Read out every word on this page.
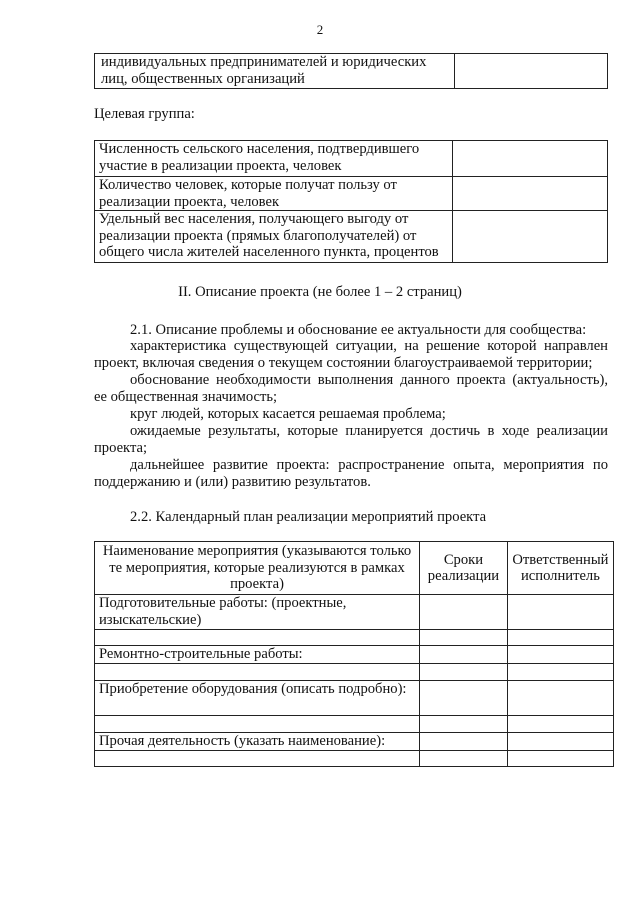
2
индивидуальных предпринимателей и юридических лиц, общественных организаций	
Целевая группа:
Численность сельского населения, подтвердившего участие в реализации проекта, человек	
Количество человек, которые получат пользу от реализации проекта, человек	
Удельный вес населения, получающего выгоду от реализации проекта (прямых благополучателей) от общего числа жителей населенного пункта, процентов	
II. Описание проекта (не более 1 – 2 страниц)
2.1. Описание проблемы и обоснование ее актуальности для сообщества:
характеристика существующей ситуации, на решение которой направлен проект, включая сведения о текущем состоянии благоустраиваемой территории;
обоснование необходимости выполнения данного проекта (актуальность), ее общественная значимость;
круг людей, которых касается решаемая проблема;
ожидаемые результаты, которые планируется достичь в ходе реализации проекта;
дальнейшее развитие проекта: распространение опыта, мероприятия по поддержанию и (или) развитию результатов.
2.2. Календарный план реализации мероприятий проекта
Наименование мероприятия (указываются только те мероприятия, которые реализуются в рамках проекта)	Сроки реализации	Ответственный исполнитель
Подготовительные работы: (проектные, изыскательские)		

Ремонтно-строительные работы:		

Приобретение оборудования (описать подробно):		

Прочая деятельность (указать наименование):		
